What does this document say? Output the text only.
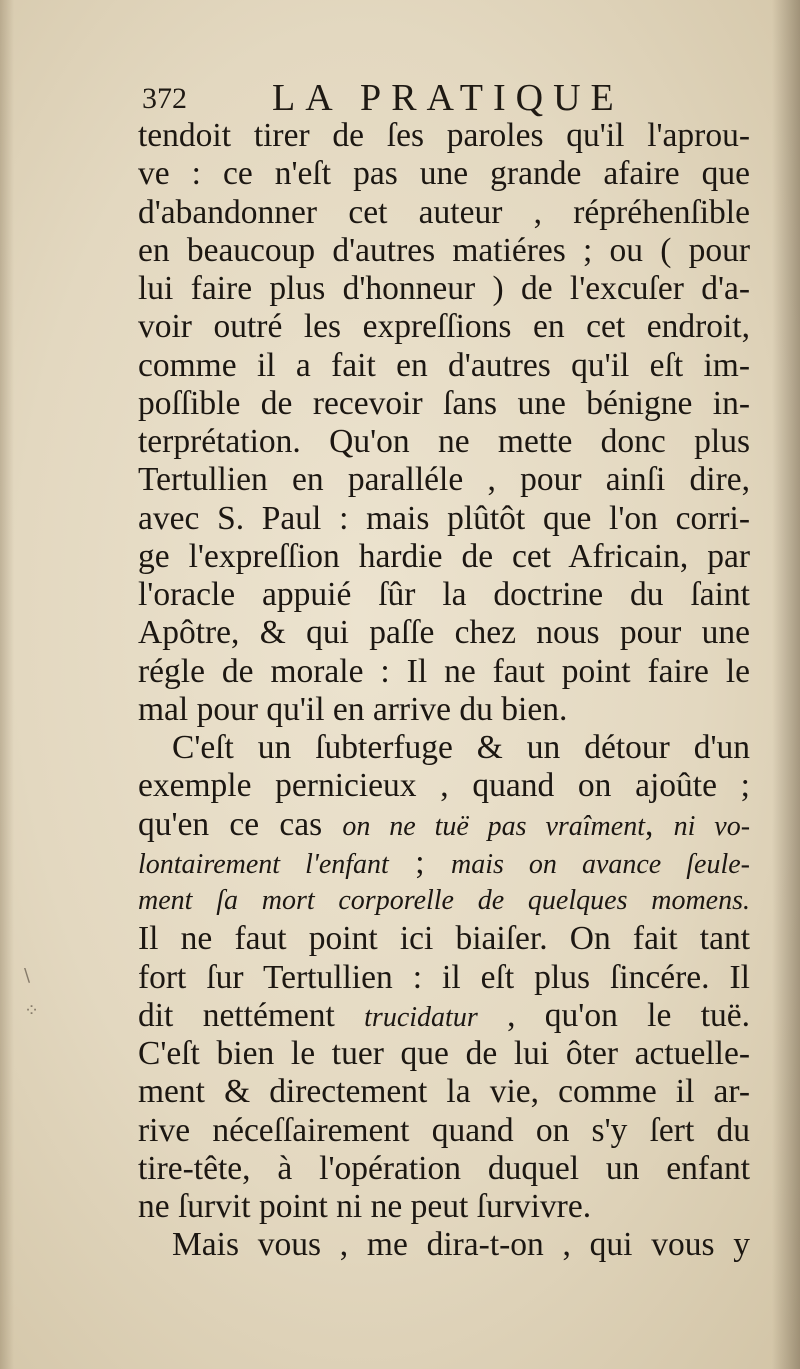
372 LA PRATIQUE
tendoit tirer de ſes paroles qu'il l'aprou-
ve : ce n'eſt pas une grande afaire que
d'abandonner cet auteur , répréhenſible
en beaucoup d'autres matiéres ; ou ( pour
lui faire plus d'honneur ) de l'excuſer d'a-
voir outré les expreſſions en cet endroit,
comme il a fait en d'autres qu'il eſt im-
poſſible de recevoir ſans une bénigne in-
terprétation. Qu'on ne mette donc plus
Tertullien en paralléle , pour ainſi dire,
avec S. Paul : mais plûtôt que l'on corri-
ge l'expreſſion hardie de cet Africain, par
l'oracle appuié ſûr la doctrine du ſaint
Apôtre, & qui paſſe chez nous pour une
régle de morale : Il ne faut point faire le
mal pour qu'il en arrive du bien.
C'eſt un ſubterfuge & un détour d'un
exemple pernicieux , quand on ajoûte ;
qu'en ce cas on ne tuë pas vraîment, ni vo-
lontairement l'enfant ; mais on avance ſeule-
ment ſa mort corporelle de quelques momens.
Il ne faut point ici biaiſer. On fait tant
fort ſur Tertullien : il eſt plus ſincére. Il
dit nettément trucidatur , qu'on le tuë.
C'eſt bien le tuer que de lui ôter actuelle-
ment & directement la vie, comme il ar-
rive néceſſairement quand on s'y ſert du
tire-tête, à l'opération duquel un enfant
ne ſurvit point ni ne peut ſurvivre.
Mais vous , me dira-t-on , qui vous y
\
⁘
